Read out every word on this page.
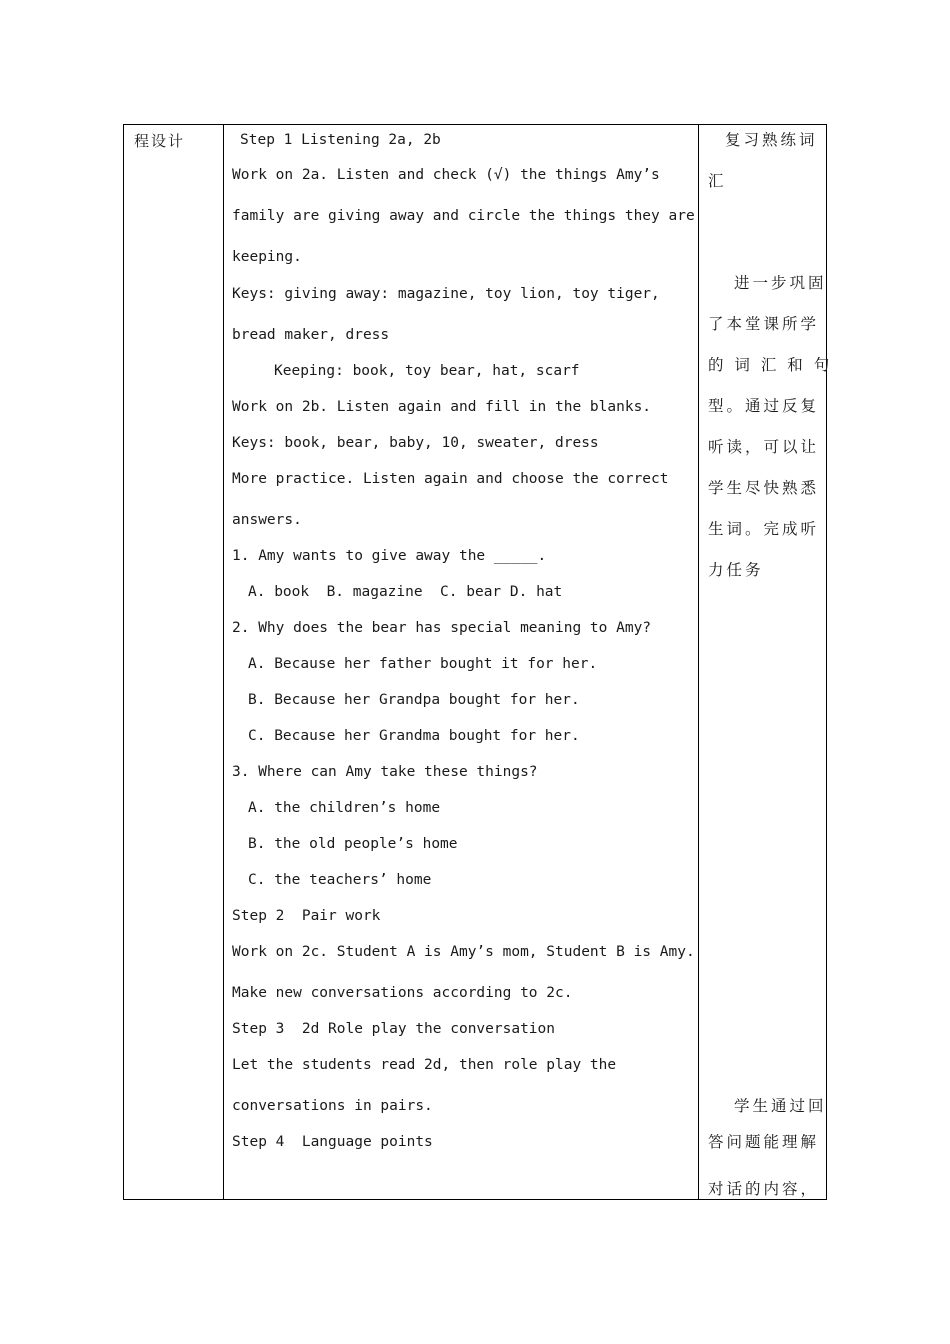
程设计	Step 1 Listening 2a, 2b
Work on 2a. Listen and check (√) the things Amy’s
family are giving away and circle the things they are
keeping.
Keys: giving away: magazine, toy lion, toy tiger,
bread maker, dress
Keeping: book, toy bear, hat, scarf
Work on 2b. Listen again and fill in the blanks.
Keys: book, bear, baby, 10, sweater, dress
More practice. Listen again and choose the correct
answers.
1. Amy wants to give away the _____.
A. book  B. magazine  C. bear D. hat
2. Why does the bear has special meaning to Amy?
A. Because her father bought it for her.
B. Because her Grandpa bought for her.
C. Because her Grandma bought for her.
3. Where can Amy take these things?
A. the children’s home
B. the old people’s home
C. the teachers’ home
Step 2  Pair work
Work on 2c. Student A is Amy’s mom, Student B is Amy.
Make new conversations according to 2c.
Step 3  2d Role play the conversation
Let the students read 2d, then role play the
conversations in pairs.
Step 4  Language points
复习熟练词
汇
进一步巩固
了本堂课所学
的 词 汇 和 句
型。通过反复
听读，可以让
学生尽快熟悉
生词。完成听
力任务
学生通过回
答问题能理解
对话的内容，
